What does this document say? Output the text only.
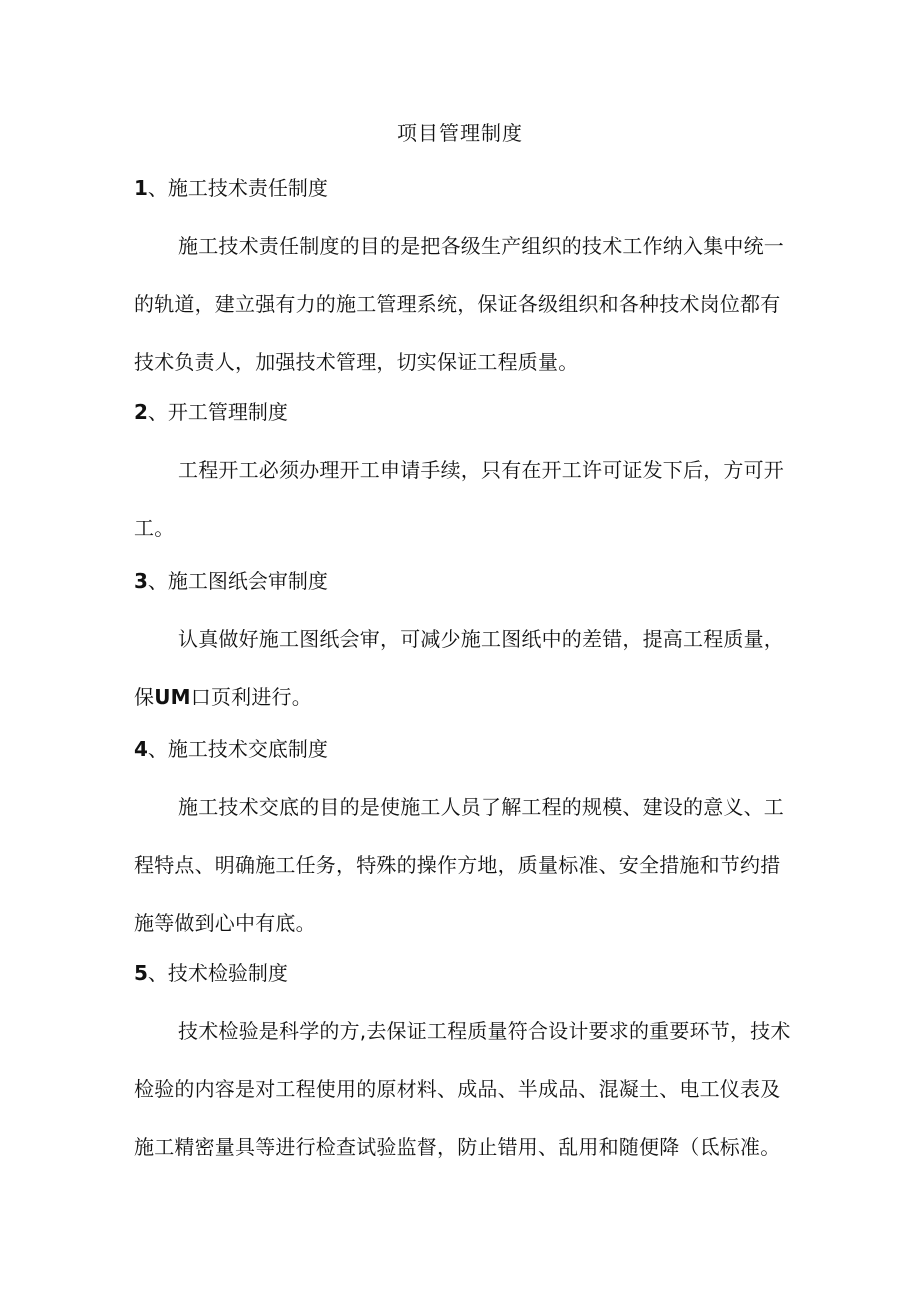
项目管理制度
1、施工技术责任制度
施工技术责任制度的目的是把各级生产组织的技术工作纳入集中统一的轨道，建立强有力的施工管理系统，保证各级组织和各种技术岗位都有技术负责人，加强技术管理，切实保证工程质量。
2、开工管理制度
工程开工必须办理开工申请手续，只有在开工许可证发下后，方可开工。
3、施工图纸会审制度
认真做好施工图纸会审，可减少施工图纸中的差错，提高工程质量，保UM口页利进行。
4、施工技术交底制度
施工技术交底的目的是使施工人员了解工程的规模、建设的意义、工程特点、明确施工任务，特殊的操作方地，质量标准、安全措施和节约措施等做到心中有底。
5、技术检验制度
技术检验是科学的方,去保证工程质量符合设计要求的重要环节，技术检验的内容是对工程使用的原材料、成品、半成品、混凝土、电工仪表及施工精密量具等进行检查试验监督，防止错用、乱用和随便降（氐标准。
